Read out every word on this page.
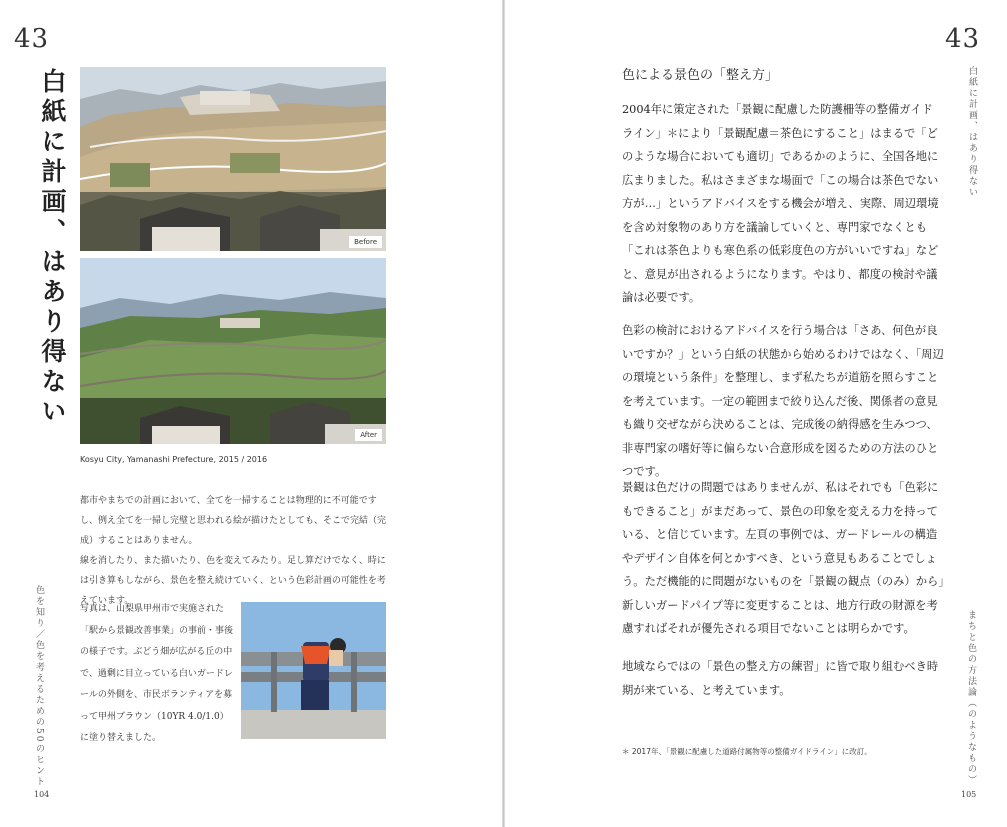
43
白紙に計画、はあり得ない	Before
After

Kosyu City, Yamanashi Prefecture, 2015 / 2016

都市やまちでの計画において、全てを一掃することは物理的に不可能ですし、例え全てを一掃し完璧と思われる絵が描けたとしても、そこで完結（完成）することはありません。

線を消したり、また描いたり、色を変えてみたり。足し算だけでなく、時には引き算もしながら、景色を整え続けていく、という色彩計画の可能性を考えています。

写真は、山梨県甲州市で実施された「駅から景観改善事業」の事前・事後の様子です。ぶどう畑が広がる丘の中で、過剰に目立っている白いガードレールの外側を、市民ボランティアを募って甲州ブラウン（10YR 4.0/1.0）に塗り替えました。

色を知り／色を考えるための50のヒント
104
色による景色の「整え方」

2004年に策定された「景観に配慮した防護柵等の整備ガイドライン」＊により「景観配慮＝茶色にすること」はまるで「どのような場合においても適切」であるかのように、全国各地に広まりました。私はさまざまな場面で「この場合は茶色でない方が…」というアドバイスをする機会が増え、実際、周辺環境を含め対象物のあり方を議論していくと、専門家でなくとも「これは茶色よりも寒色系の低彩度色の方がいいですね」などと、意見が出されるようになります。やはり、都度の検討や議論は必要です。

色彩の検討におけるアドバイスを行う場合は「さあ、何色が良いですか？」という白紙の状態から始めるわけではなく、「周辺の環境という条件」を整理し、まず私たちが道筋を照らすことを考えています。一定の範囲まで絞り込んだ後、関係者の意見も織り交ぜながら決めることは、完成後の納得感を生みつつ、非専門家の嗜好等に偏らない合意形成を図るための方法のひとつです。

景観は色だけの問題ではありませんが、私はそれでも「色彩にもできること」がまだあって、景色の印象を変える力を持っている、と信じています。左頁の事例では、ガードレールの構造やデザイン自体を何とかすべき、という意見もあることでしょう。ただ機能的に問題がないものを「景観の観点（のみ）から」新しいガードパイプ等に変更することは、地方行政の財源を考慮すればそれが優先される項目でないことは明らかです。

地域ならではの「景色の整え方の練習」に皆で取り組むべき時期が来ている、と考えています。

＊ 2017年、「景観に配慮した道路付属物等の整備ガイドライン」に改訂。

43
白紙に計画、はあり得ない
まちと色の方法論（のようなもの）
105
